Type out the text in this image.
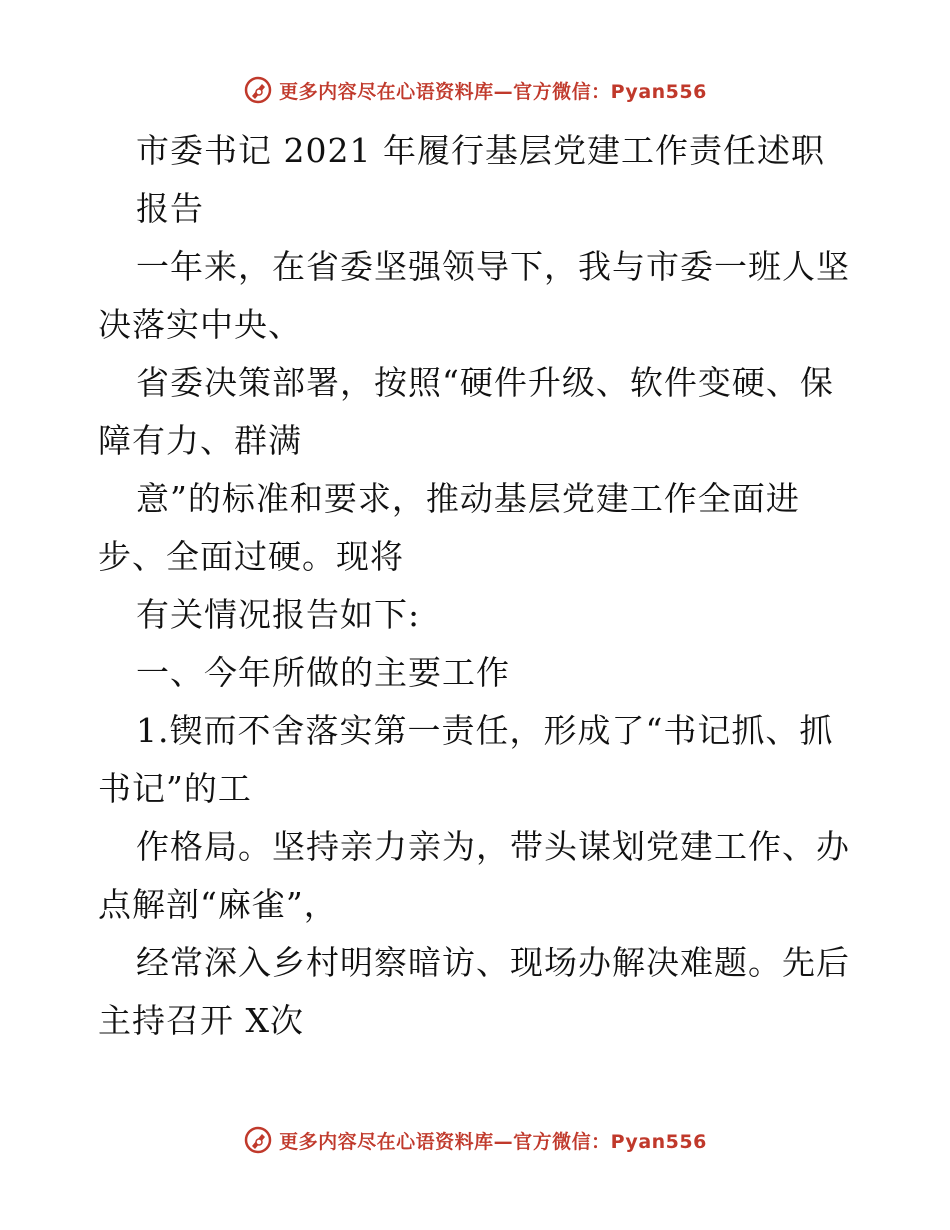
更多内容尽在心语资料库—官方微信：Pyan556
市委书记 2021 年履行基层党建工作责任述职
报告
一年来，在省委坚强领导下，我与市委一班人坚
决落实中央、
省委决策部署，按照“硬件升级、软件变硬、保
障有力、群满
意”的标准和要求，推动基层党建工作全面进
步、全面过硬。现将
有关情况报告如下:
一、今年所做的主要工作
1.锲而不舍落实第一责任，形成了“书记抓、抓
书记”的工
作格局。坚持亲力亲为，带头谋划党建工作、办
点解剖“麻雀”，
经常深入乡村明察暗访、现场办解决难题。先后
主持召开 X次
更多内容尽在心语资料库—官方微信：Pyan556
